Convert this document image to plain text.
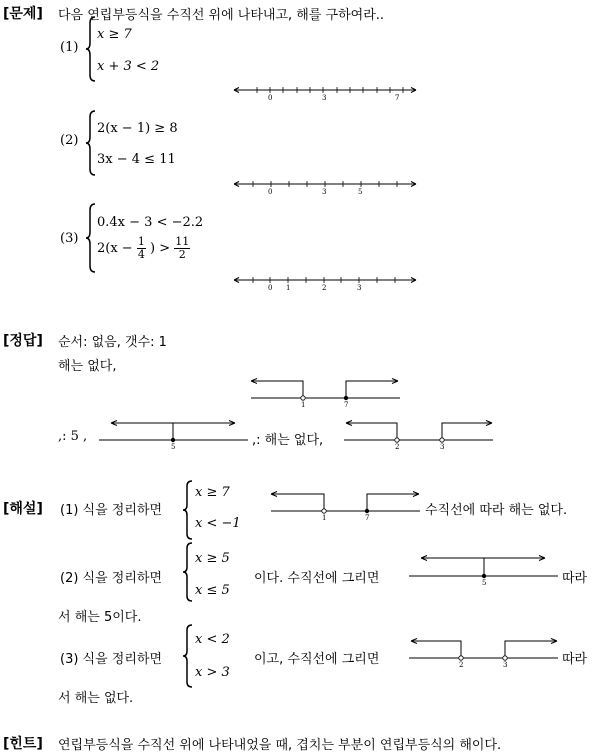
[문제] 다음 연립부등식을 수직선 위에 나타내고, 해를 구하여라..
(1)
x ≥ 7
x + 3 < 2
0	3	7
(2)
2(x − 1) ≥ 8
3x − 4 ≤ 11
0	3	5
(3)
0.4x − 3 < −2.2
$2(x - \frac{1}{4}$ ) > $\frac{11}{2}$
0 1	2	3
[정답] 순서: 없음, 갯수: 1
해는 없다,
1	7
,: 5 ,
5	,: 해는 없다,	2	3
[해설] (1) 식을 정리하면
x ≥ 7
x < −1	1	7	수직선에 따라 해는 없다.
(2) 식을 정리하면
x ≥ 5
x ≤ 5
이다. 수직선에 그리면	5	따라
서 해는 5이다.
(3) 식을 정리하면
x < 2
x > 3
이고, 수직선에 그리면	2	3	따라
서 해는 없다.
[힌트] 연립부등식을 수직선 위에 나타내었을 때, 겹치는 부분이 연립부등식의 해이다.
